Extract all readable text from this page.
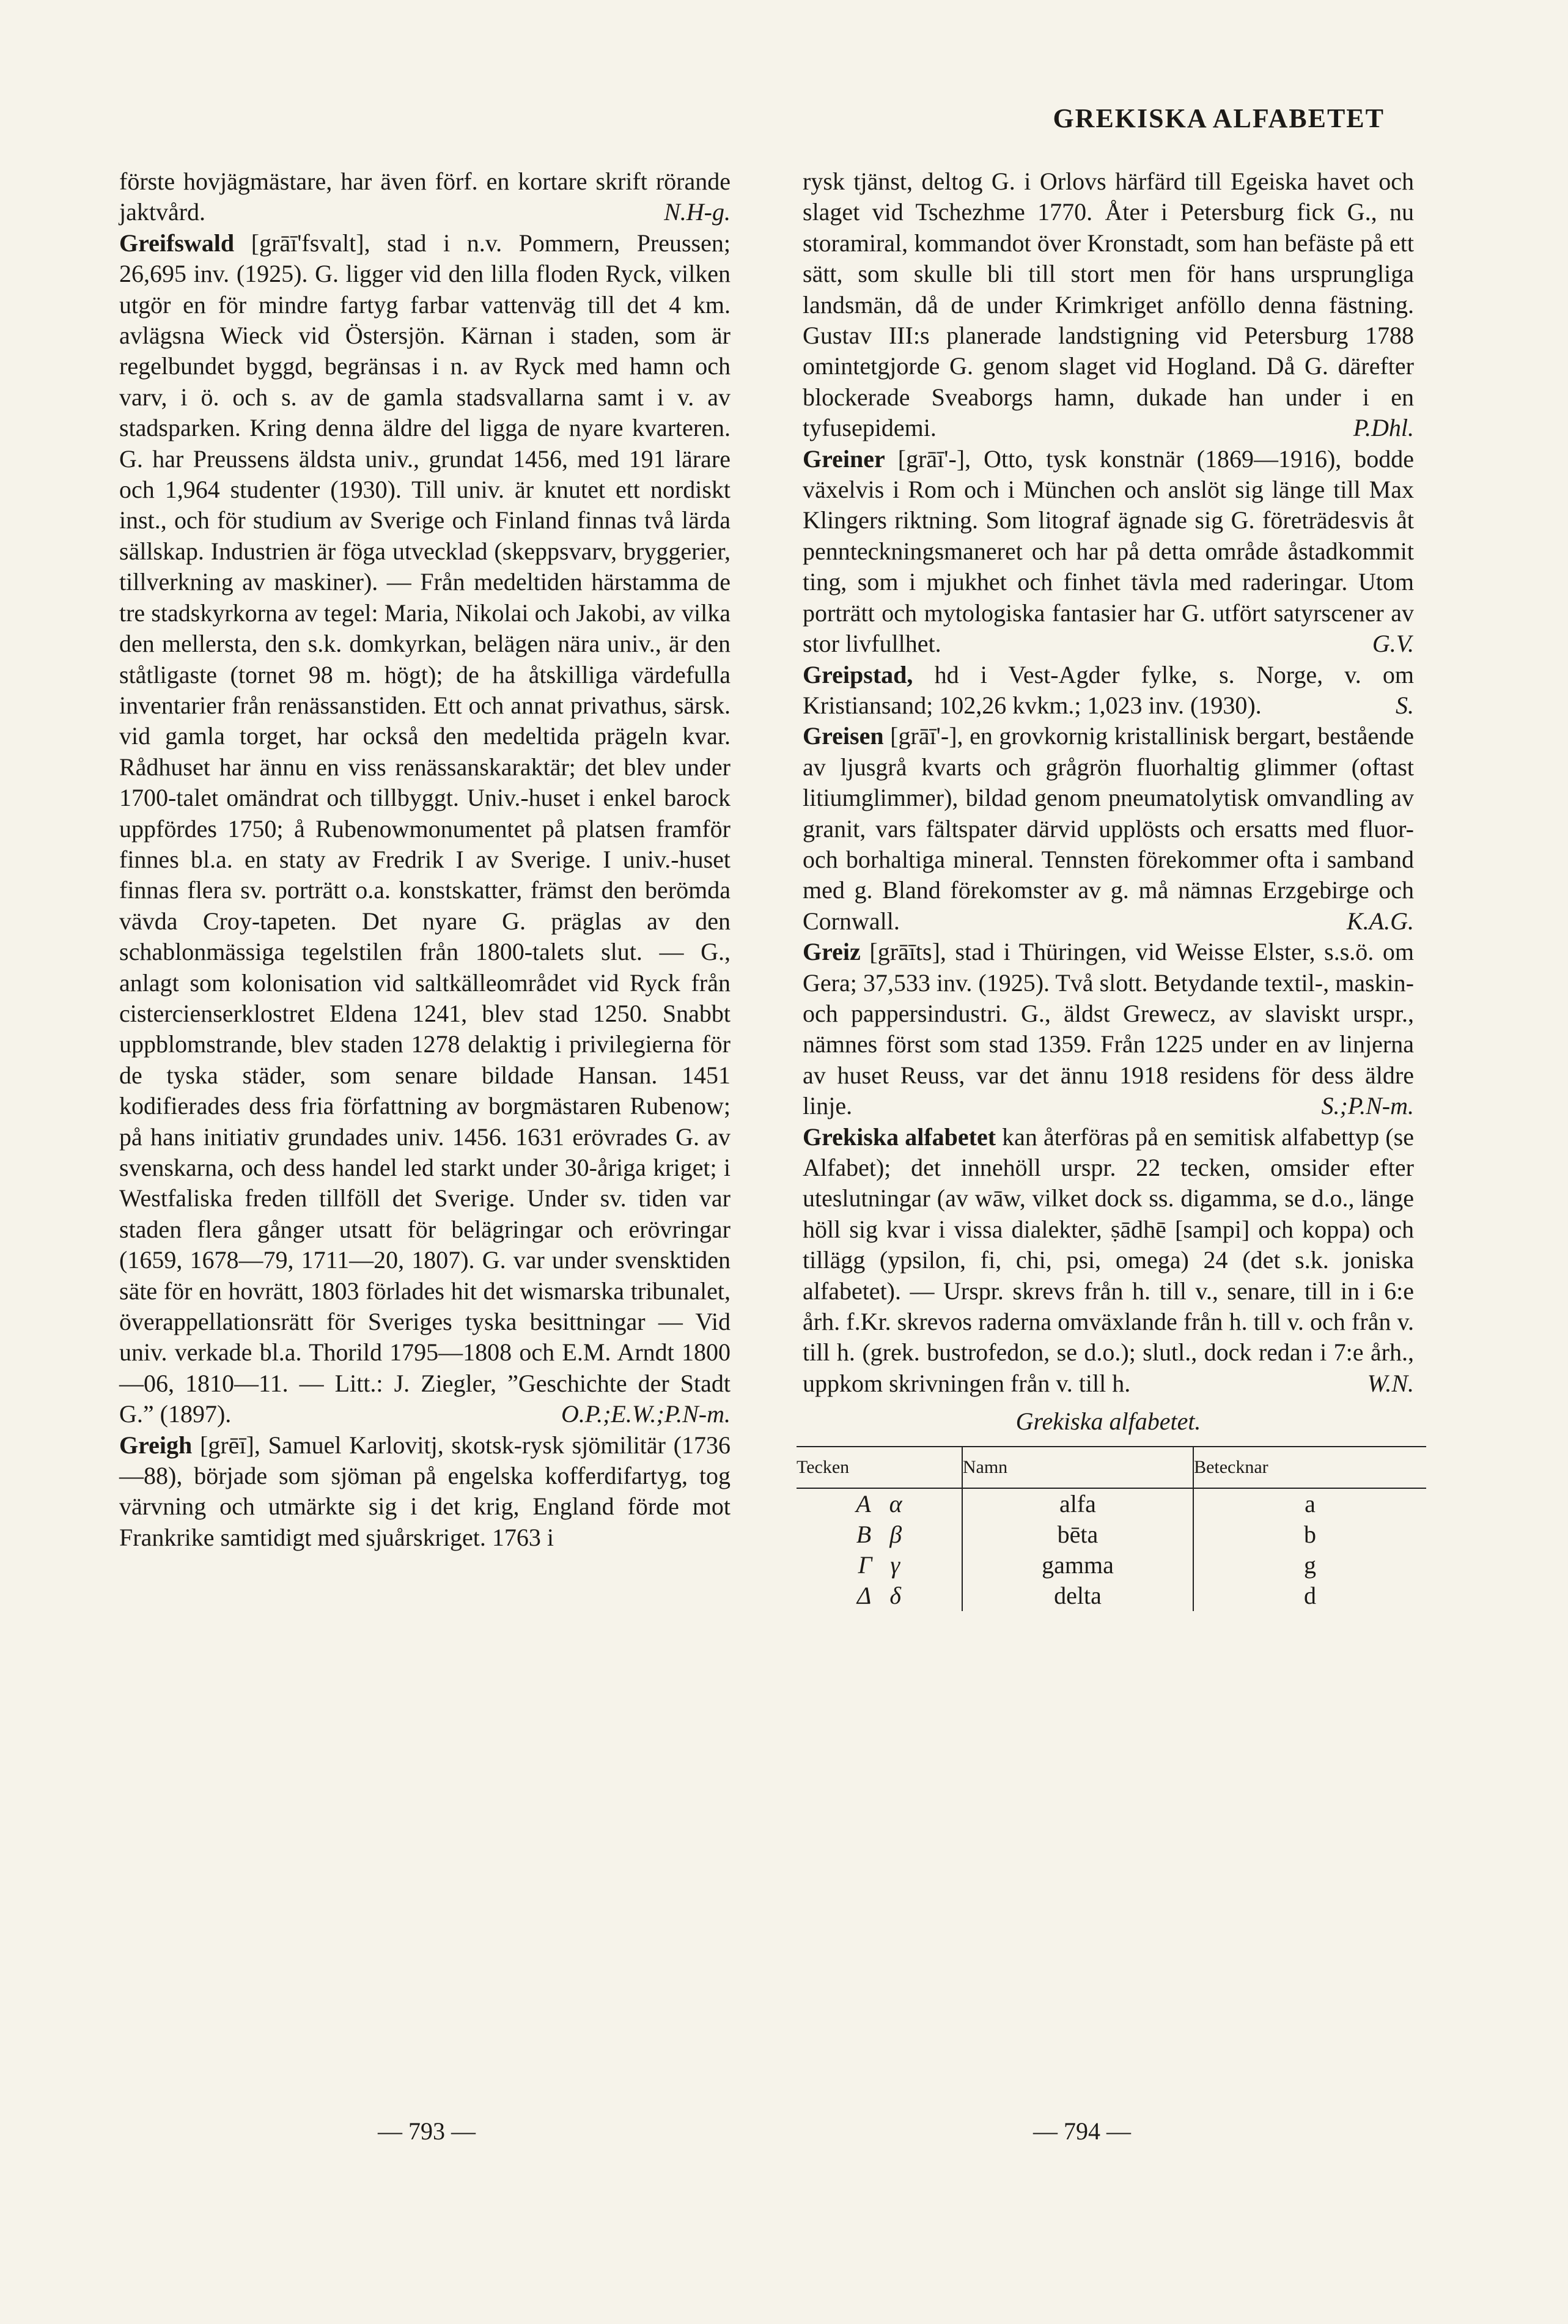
GREKISKA ALFABETET

förste hovjägmästare, har även förf. en kortare skrift rörande jaktvård.	N.H-g.

Greifswald [grāī'fsvalt], stad i n.v. Pommern, Preussen; 26,695 inv. (1925). G. ligger vid den lilla floden Ryck, vilken utgör en för mindre fartyg farbar vattenväg till det 4 km. avlägsna Wieck vid Östersjön. Kärnan i staden, som är regelbundet byggd, begränsas i n. av Ryck med hamn och varv, i ö. och s. av de gamla stadsvallarna samt i v. av stadsparken. Kring denna äldre del ligga de nyare kvarteren. G. har Preussens äldsta univ., grundat 1456, med 191 lärare och 1,964 studenter (1930). Till univ. är knutet ett nordiskt inst., och för studium av Sverige och Finland finnas två lärda sällskap. Industrien är föga utvecklad (skeppsvarv, bryggerier, tillverkning av maskiner). — Från medeltiden härstamma de tre stadskyrkorna av tegel: Maria, Nikolai och Jakobi, av vilka den mellersta, den s.k. domkyrkan, belägen nära univ., är den ståtligaste (tornet 98 m. högt); de ha åtskilliga värdefulla inventarier från renässanstiden. Ett och annat privathus, särsk. vid gamla torget, har också den medeltida prägeln kvar. Rådhuset har ännu en viss renässanskaraktär; det blev under 1700-talet omändrat och tillbyggt. Univ.-huset i enkel barock uppfördes 1750; å Rubenowmonumentet på platsen framför finnes bl.a. en staty av Fredrik I av Sverige. I univ.-huset finnas flera sv. porträtt o.a. konstskatter, främst den berömda vävda Croy-tapeten. Det nyare G. präglas av den schablonmässiga tegelstilen från 1800-talets slut. — G., anlagt som kolonisation vid saltkälleområdet vid Ryck från cistercienserklostret Eldena 1241, blev stad 1250. Snabbt uppblomstrande, blev staden 1278 delaktig i privilegierna för de tyska städer, som senare bildade Hansan. 1451 kodifierades dess fria författning av borgmästaren Rubenow; på hans initiativ grundades univ. 1456. 1631 erövrades G. av svenskarna, och dess handel led starkt under 30-åriga kriget; i Westfaliska freden tillföll det Sverige. Under sv. tiden var staden flera gånger utsatt för belägringar och erövringar (1659, 1678—79, 1711—20, 1807). G. var under svensktiden säte för en hovrätt, 1803 förlades hit det wismarska tribunalet, överappellationsrätt för Sveriges tyska besittningar — Vid univ. verkade bl.a. Thorild 1795—1808 och E.M. Arndt 1800—06, 1810—11. — Litt.: J. Ziegler, ”Geschichte der Stadt G.” (1897).	O.P.;E.W.;P.N-m.

Greigh [grēī], Samuel Karlovitj, skotsk-rysk sjömilitär (1736—88), började som sjöman på engelska kofferdifartyg, tog värvning och utmärkte sig i det krig, England förde mot Frankrike samtidigt med sjuårskriget. 1763 i

rysk tjänst, deltog G. i Orlovs härfärd till Egeiska havet och slaget vid Tschezhme 1770. Åter i Petersburg fick G., nu storamiral, kommandot över Kronstadt, som han befäste på ett sätt, som skulle bli till stort men för hans ursprungliga landsmän, då de under Krimkriget anföllo denna fästning. Gustav III:s planerade landstigning vid Petersburg 1788 omintetgjorde G. genom slaget vid Hogland. Då G. därefter blockerade Sveaborgs hamn, dukade han under i en tyfusepidemi.	P.Dhl.

Greiner [grāī'-], Otto, tysk konstnär (1869—1916), bodde växelvis i Rom och i München och anslöt sig länge till Max Klingers riktning. Som litograf ägnade sig G. företrädesvis åt pennteckningsmaneret och har på detta område åstadkommit ting, som i mjukhet och finhet tävla med raderingar. Utom porträtt och mytologiska fantasier har G. utfört satyrscener av stor livfullhet.	G.V.

Greipstad, hd i Vest-Agder fylke, s. Norge, v. om Kristiansand; 102,26 kvkm.; 1,023 inv. (1930).	S.

Greisen [grāī'-], en grovkornig kristallinisk bergart, bestående av ljusgrå kvarts och grågrön fluorhaltig glimmer (oftast litiumglimmer), bildad genom pneumatolytisk omvandling av granit, vars fältspater därvid upplösts och ersatts med fluor- och borhaltiga mineral. Tennsten förekommer ofta i samband med g. Bland förekomster av g. må nämnas Erzgebirge och Cornwall.	K.A.G.

Greiz [grāīts], stad i Thüringen, vid Weisse Elster, s.s.ö. om Gera; 37,533 inv. (1925). Två slott. Betydande textil-, maskin- och pappersindustri. G., äldst Grewecz, av slaviskt urspr., nämnes först som stad 1359. Från 1225 under en av linjerna av huset Reuss, var det ännu 1918 residens för dess äldre linje.	S.;P.N-m.

Grekiska alfabetet kan återföras på en semitisk alfabettyp (se Alfabet); det innehöll urspr. 22 tecken, omsider efter uteslutningar (av wāw, vilket dock ss. digamma, se d.o., länge höll sig kvar i vissa dialekter, ṣādhē [sampi] och koppa) och tillägg (ypsilon, fi, chi, psi, omega) 24 (det s.k. joniska alfabetet). — Urspr. skrevs från h. till v., senare, till in i 6:e årh. f.Kr. skrevos raderna omväxlande från h. till v. och från v. till h. (grek. bustrofedon, se d.o.); slutl., dock redan i 7:e årh., uppkom skrivningen från v. till h.	W.N.

Grekiska alfabetet.
Tecken	Namn	Betecknar
Α α	alfa	a
Β β	bēta	b
Γ γ	gamma	g
Δ δ	delta	d
— 793 —	— 794 —
